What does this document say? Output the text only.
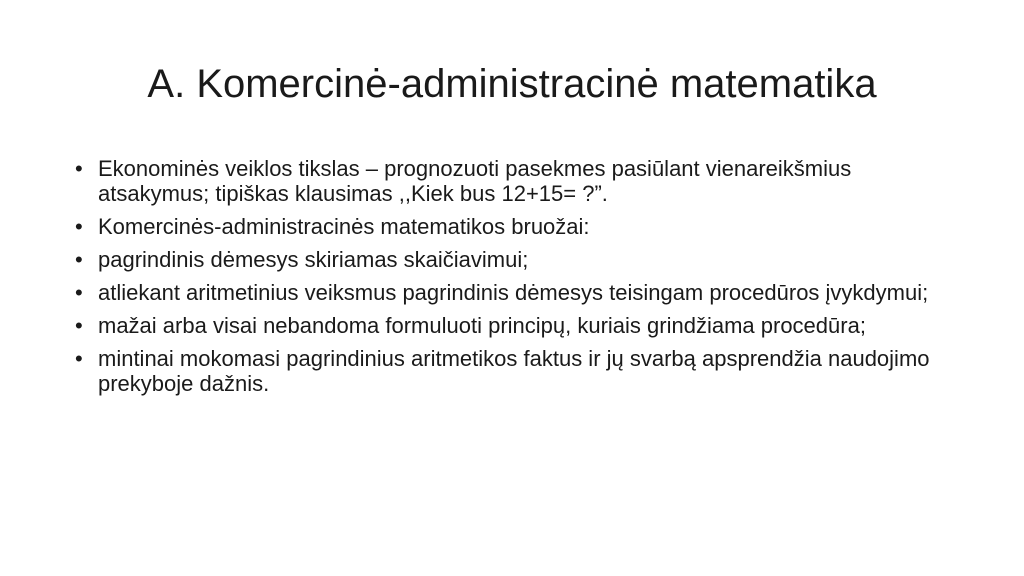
A. Komercinė-administracinė matematika
• Ekonominės veiklos tikslas – prognozuoti pasekmes pasiūlant vienareikšmius atsakymus; tipiškas klausimas ,,Kiek bus 12+15= ?”.
• Komercinės-administracinės matematikos bruožai:
• pagrindinis dėmesys skiriamas skaičiavimui;
• atliekant aritmetinius veiksmus pagrindinis dėmesys teisingam procedūros įvykdymui;
• mažai arba visai nebandoma formuluoti principų, kuriais grindžiama procedūra;
• mintinai mokomasi pagrindinius aritmetikos faktus ir jų svarbą apsprendžia naudojimo prekyboje dažnis.
